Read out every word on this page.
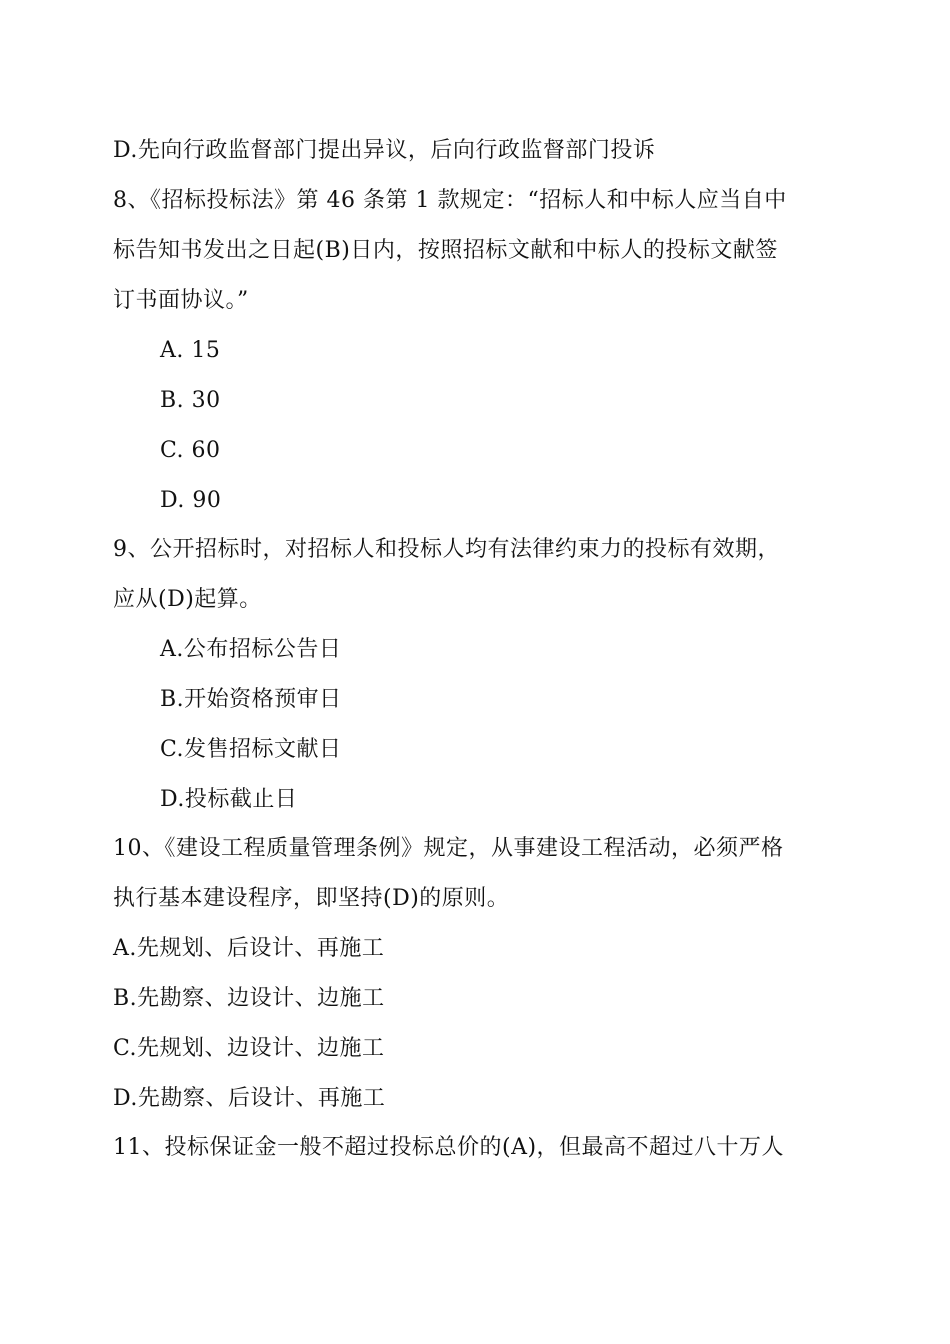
D.先向行政监督部门提出异议，后向行政监督部门投诉
8、《招标投标法》第 46 条第 1 款规定：“招标人和中标人应当自中
标告知书发出之日起(B)日内，按照招标文献和中标人的投标文献签
订书面协议。”
A. 15
B. 30
C. 60
D. 90
9、公开招标时，对招标人和投标人均有法律约束力的投标有效期，
应从(D)起算。
A.公布招标公告日
B.开始资格预审日
C.发售招标文献日
D.投标截止日
10、《建设工程质量管理条例》规定，从事建设工程活动，必须严格
执行基本建设程序，即坚持(D)的原则。
A.先规划、后设计、再施工
B.先勘察、边设计、边施工
C.先规划、边设计、边施工
D.先勘察、后设计、再施工
11、投标保证金一般不超过投标总价的(A)，但最高不超过八十万人
